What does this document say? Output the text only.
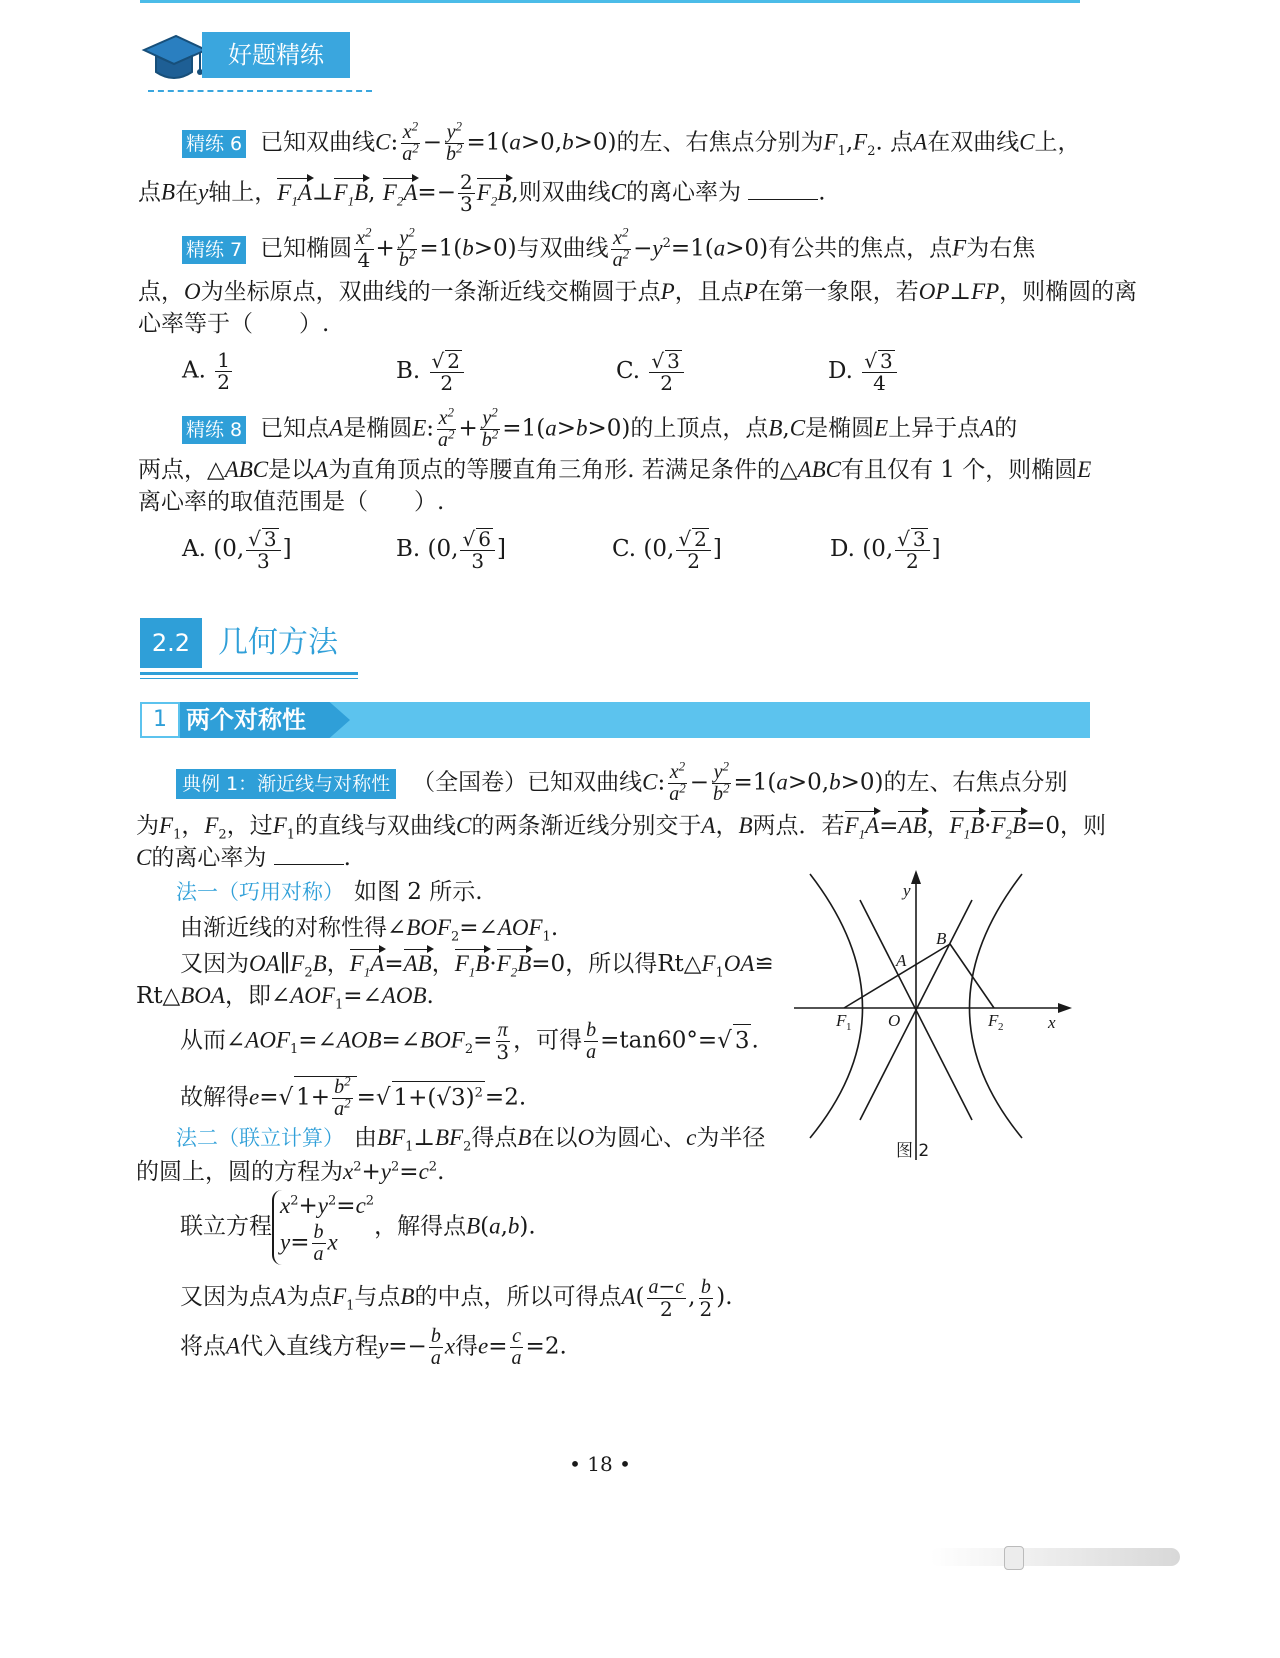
好题精练
精练 6 已知双曲线C: $\frac{x^2}{a^2} - \frac{y^2}{b^2} =1(a>0,b>0)$的左、右焦点分别为$F_1,F_2$. 点A在双曲线C上，
点B在y轴上，$F_1A\perp F_1B$, $F_2A=- \frac{2}{3} F_2B$,则双曲线C的离心率为	.
精练 7 已知椭圆 $\frac{x^2}{4} + \frac{y^2}{b^2} =1(b>0)$与双曲线 $\frac{x^2}{a^2} -y^2=1(a>0)$有公共的焦点，点F为右焦
点，O为坐标原点，双曲线的一条渐近线交椭圆于点P，且点P在第一象限，若OP⊥FP，则椭圆的离
心率等于（　　）.
A. $\frac{1}{2}$	B. $\frac{√ 2}{2}$	C. $\frac{√ 3}{2}$	D. $\frac{√ 3}{4}$
精练 8 已知点A是椭圆E: $\frac{x^2}{a^2} + \frac{y^2}{b^2} =1(a>b>0)$的上顶点，点B,C是椭圆E上异于点A的
两点，△ABC是以A为直角顶点的等腰直角三角形. 若满足条件的△ABC有且仅有 1 个，则椭圆E
离心率的取值范围是（　　）.
A. (0, $\frac{√ 3}{3}$ ]	B. (0, $\frac{√ 6}{3}$ ]	C. (0, $\frac{√ 2}{2}$ ]	D. (0, $\frac{√ 3}{2}$ ]
2.2 几何方法
1 两个对称性
典例 1：渐近线与对称性 （全国卷）已知双曲线C: $\frac{x^2}{a^2} - \frac{y^2}{b^2} =1(a>0,b>0)$的左、右焦点分别
为$F_1$，$F_2$，过$F_1$的直线与双曲线C的两条渐近线分别交于A，B两点．若$F_1A=AB$，$F_1B\cdot F_2B=0$，则
C的离心率为	.
法一（巧用对称） 如图 2 所示.
由渐近线的对称性得$\angle BOF_2=\angle AOF_1$.
又因为$OA\parallel F_2B$，$F_1A=AB$，$F_1B\cdot F_2B=0$，所以得$Rt\triangle F_1OA≌$
Rt△BOA，即$\angle AOF_1=\angle AOB$.
从而$\angle AOF_1=\angle AOB=\angle BOF_2= \frac{\pi}{3}$ ，可得 $\frac{b}{a} =\tan 60^\circ=√$ 3.
故解得e=√ $1+ \frac{b^2}{a^2}$ =√ $1+(√3)^2=2$.
法二（联立计算） 由$BF_1\perp BF_2$得点B在以O为圆心、c为半径
的圆上，圆的方程为$x^2+y^2=c^2$.
联立方程
$x^2+y^2=c^2$
$y= \frac{b}{a}$ x
，解得点B(a,b).
又因为点A为点$F_1$与点B的中点，所以可得点$A( \frac{a-c}{2}$ , $\frac{b}{2}$ ).
将点A代入直线方程$y=- \frac{b}{a}$ x得$e= \frac{c}{a} =2$.
y
x
O
A
B
F 1	F 2
图 2
• 18 •
